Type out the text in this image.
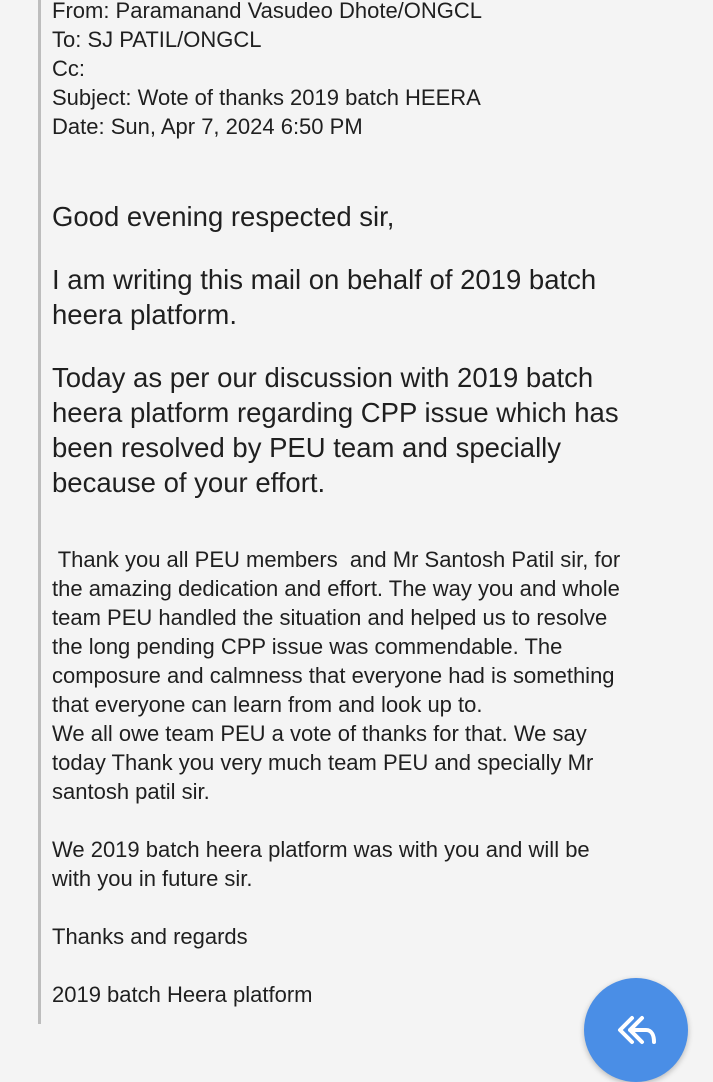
From: Paramanand Vasudeo Dhote/ONGCL
To: SJ PATIL/ONGCL
Cc:
Subject: Wote of thanks 2019 batch HEERA
Date: Sun, Apr 7, 2024 6:50 PM
Good evening respected sir,
I am writing this mail on behalf of 2019 batch
heera platform.
Today as per our discussion with 2019 batch
heera platform regarding CPP issue which has
been resolved by PEU team and specially
because of your effort.
Thank you all PEU members  and Mr Santosh Patil sir, for
the amazing dedication and effort. The way you and whole
team PEU handled the situation and helped us to resolve
the long pending CPP issue was commendable. The
composure and calmness that everyone had is something
that everyone can learn from and look up to.
We all owe team PEU a vote of thanks for that. We say
today Thank you very much team PEU and specially Mr
santosh patil sir.
We 2019 batch heera platform was with you and will be
with you in future sir.
Thanks and regards
2019 batch Heera platform
